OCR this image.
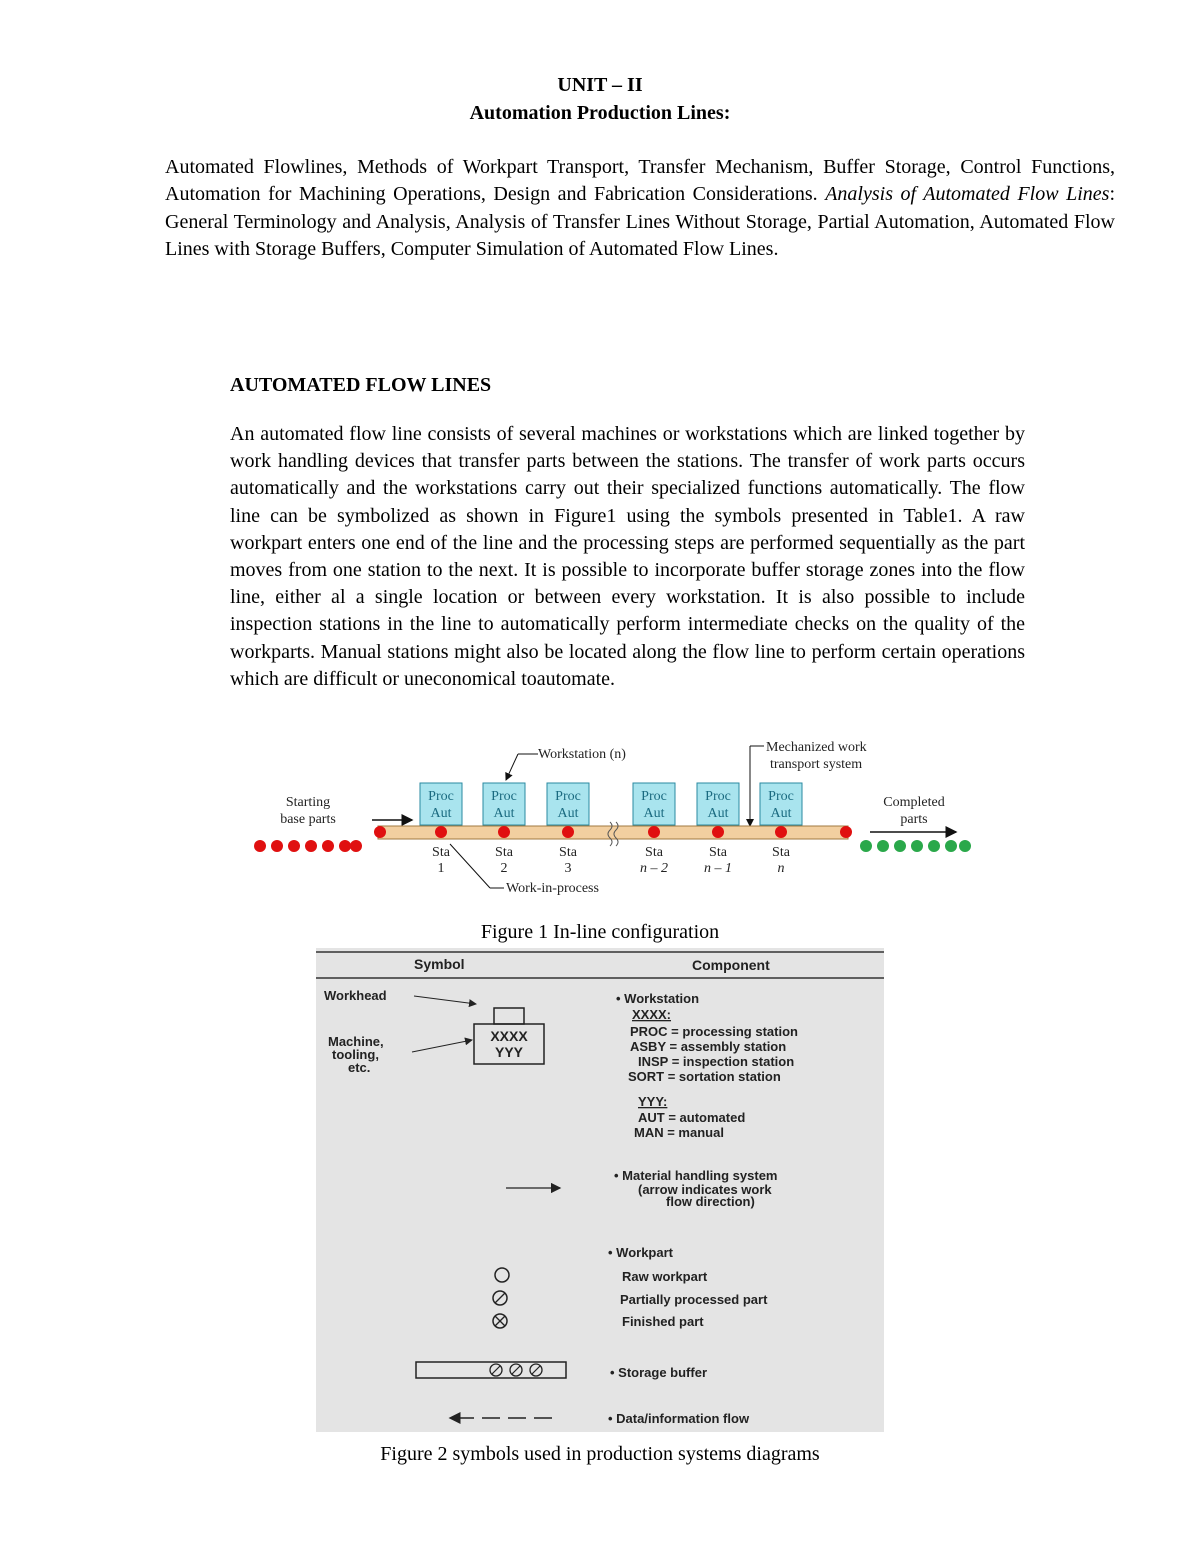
UNIT – II
Automation Production Lines:
Automated Flowlines, Methods of Workpart Transport, Transfer Mechanism, Buffer Storage, Control Functions, Automation for Machining Operations, Design and Fabrication Considerations. Analysis of Automated Flow Lines: General Terminology and Analysis, Analysis of Transfer Lines Without Storage, Partial Automation, Automated Flow Lines with Storage Buffers, Computer Simulation of Automated Flow Lines.
AUTOMATED FLOW LINES
An automated flow line consists of several machines or workstations which are linked together by work handling devices that transfer parts between the stations. The transfer of work parts occurs automatically and the workstations carry out their specialized functions automatically. The flow line can be symbolized as shown in Figure1 using the symbols presented in Table1. A raw workpart enters one end of the line and the processing steps are performed sequentially as the part moves from one station to the next. It is possible to incorporate buffer storage zones into the flow line, either al a single location or between every workstation. It is also possible to include inspection stations in the line to automatically perform intermediate checks on the quality of the workparts. Manual stations might also be located along the flow line to perform certain operations which are difficult or uneconomical toautomate.
Workstation (n)	Mechanized work
transport system
Starting
base parts
Completed
parts
Proc
Aut
Proc
Aut
Proc
Aut
Proc
Aut
Proc
Aut
Proc
Aut
Sta
1
Sta
2
Sta
3
Sta
n – 2
Sta
n – 1
Sta
n
Work-in-process
Figure 1 In-line configuration
Symbol	Component
Workhead
Machine,
tooling,
etc.
XXXX
YYY
• Workstation
XXXX:
PROC = processing station
ASBY = assembly station
INSP = inspection station
SORT = sortation station
YYY:
AUT = automated
MAN = manual
• Material handling system
(arrow indicates work
flow direction)
• Workpart
Raw workpart
Partially processed part
Finished part
• Storage buffer
• Data/information flow
Figure 2 symbols used in production systems diagrams
